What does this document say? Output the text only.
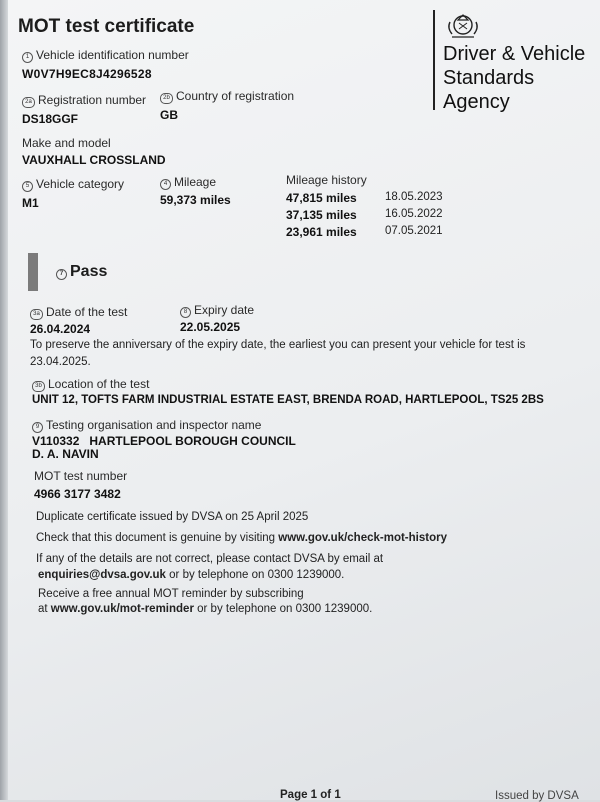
MOT test certificate
Driver & Vehicle
Standards
Agency
1 Vehicle identification number
W0V7H9EC8J4296528
2a Registration number
DS18GGF
2b Country of registration
GB
Make and model
VAUXHALL CROSSLAND
5 Vehicle category
M1
4 Mileage
59,373 miles
Mileage history
47,815 miles 18.05.2023
37,135 miles 16.05.2022
23,961 miles 07.05.2021
7 Pass
3a Date of the test
26.04.2024
8 Expiry date
22.05.2025
To preserve the anniversary of the expiry date, the earliest you can present your vehicle for test is
23.04.2025.
3b Location of the test
UNIT 12, TOFTS FARM INDUSTRIAL ESTATE EAST, BRENDA ROAD, HARTLEPOOL, TS25 2BS
9 Testing organisation and inspector name
V110332   HARTLEPOOL BOROUGH COUNCIL
D. A. NAVIN
MOT test number
4966 3177 3482
Duplicate certificate issued by DVSA on 25 April 2025
Check that this document is genuine by visiting www.gov.uk/check-mot-history
If any of the details are not correct, please contact DVSA by email at
enquiries@dvsa.gov.uk or by telephone on 0300 1239000.
Receive a free annual MOT reminder by subscribing
at www.gov.uk/mot-reminder or by telephone on 0300 1239000.
Page 1 of 1	Issued by DVSA
